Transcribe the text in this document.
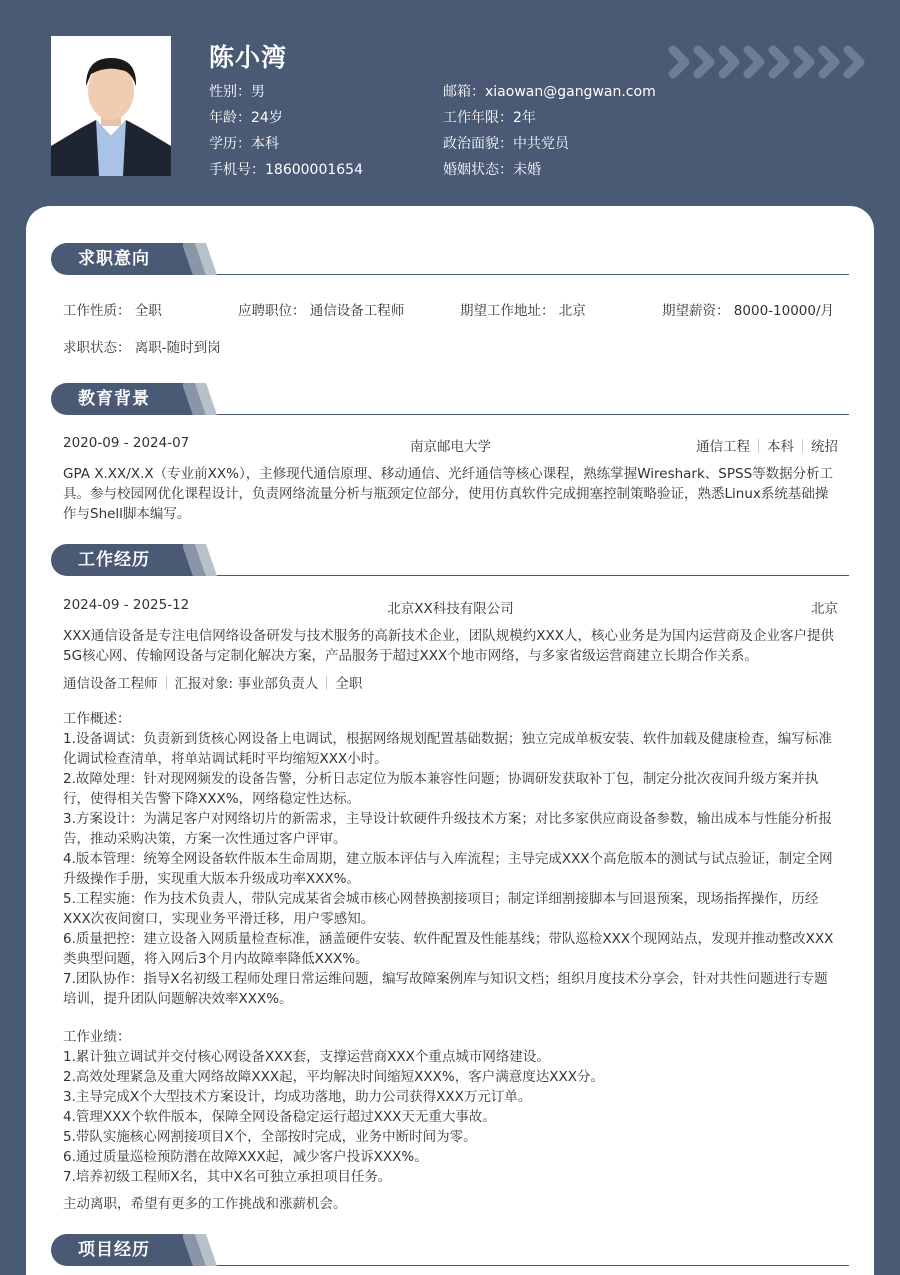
陈小湾
性别：男
年龄：24岁
学历：本科
手机号：18600001654
邮箱：xiaowan@gangwan.com
工作年限：2年
政治面貌：中共党员
婚姻状态：未婚
求职意向
工作性质： 全职	应聘职位： 通信设备工程师	期望工作地址： 北京	期望薪资： 8000-10000/月
求职状态： 离职-随时到岗
教育背景
2020-09 - 2024-07	南京邮电大学	通信工程 本科 统招
GPA X.XX/X.X（专业前XX%），主修现代通信原理、移动通信、光纤通信等核心课程，熟练掌握Wireshark、SPSS等数据分析工具。参与校园网优化课程设计，负责网络流量分析与瓶颈定位部分，使用仿真软件完成拥塞控制策略验证，熟悉Linux系统基础操作与Shell脚本编写。
工作经历
2024-09 - 2025-12	北京XX科技有限公司	北京
XXX通信设备是专注电信网络设备研发与技术服务的高新技术企业，团队规模约XXX人，核心业务是为国内运营商及企业客户提供5G核心网、传输网设备与定制化解决方案，产品服务于超过XXX个地市网络，与多家省级运营商建立长期合作关系。
通信设备工程师 汇报对象: 事业部负责人 全职

工作概述：

1.设备调试：负责新到货核心网设备上电调试，根据网络规划配置基础数据；独立完成单板安装、软件加载及健康检查，编写标准化调试检查清单，将单站调试耗时平均缩短XXX小时。

2.故障处理：针对现网频发的设备告警，分析日志定位为版本兼容性问题；协调研发获取补丁包，制定分批次夜间升级方案并执行，使得相关告警下降XXX%，网络稳定性达标。

3.方案设计：为满足客户对网络切片的新需求，主导设计软硬件升级技术方案；对比多家供应商设备参数，输出成本与性能分析报告，推动采购决策，方案一次性通过客户评审。

4.版本管理：统筹全网设备软件版本生命周期，建立版本评估与入库流程；主导完成XXX个高危版本的测试与试点验证，制定全网升级操作手册，实现重大版本升级成功率XXX%。

5.工程实施：作为技术负责人，带队完成某省会城市核心网替换割接项目；制定详细割接脚本与回退预案，现场指挥操作，历经XXX次夜间窗口，实现业务平滑迁移，用户零感知。

6.质量把控：建立设备入网质量检查标准，涵盖硬件安装、软件配置及性能基线；带队巡检XXX个现网站点，发现并推动整改XXX类典型问题，将入网后3个月内故障率降低XXX%。

7.团队协作：指导X名初级工程师处理日常运维问题，编写故障案例库与知识文档；组织月度技术分享会，针对共性问题进行专题培训，提升团队问题解决效率XXX%。

工作业绩：

1.累计独立调试并交付核心网设备XXX套，支撑运营商XXX个重点城市网络建设。

2.高效处理紧急及重大网络故障XXX起，平均解决时间缩短XXX%，客户满意度达XXX分。

3.主导完成X个大型技术方案设计，均成功落地，助力公司获得XXX万元订单。

4.管理XXX个软件版本，保障全网设备稳定运行超过XXX天无重大事故。

5.带队实施核心网割接项目X个，全部按时完成，业务中断时间为零。

6.通过质量巡检预防潜在故障XXX起，减少客户投诉XXX%。

7.培养初级工程师X名，其中X名可独立承担项目任务。

主动离职，希望有更多的工作挑战和涨薪机会。
项目经历
